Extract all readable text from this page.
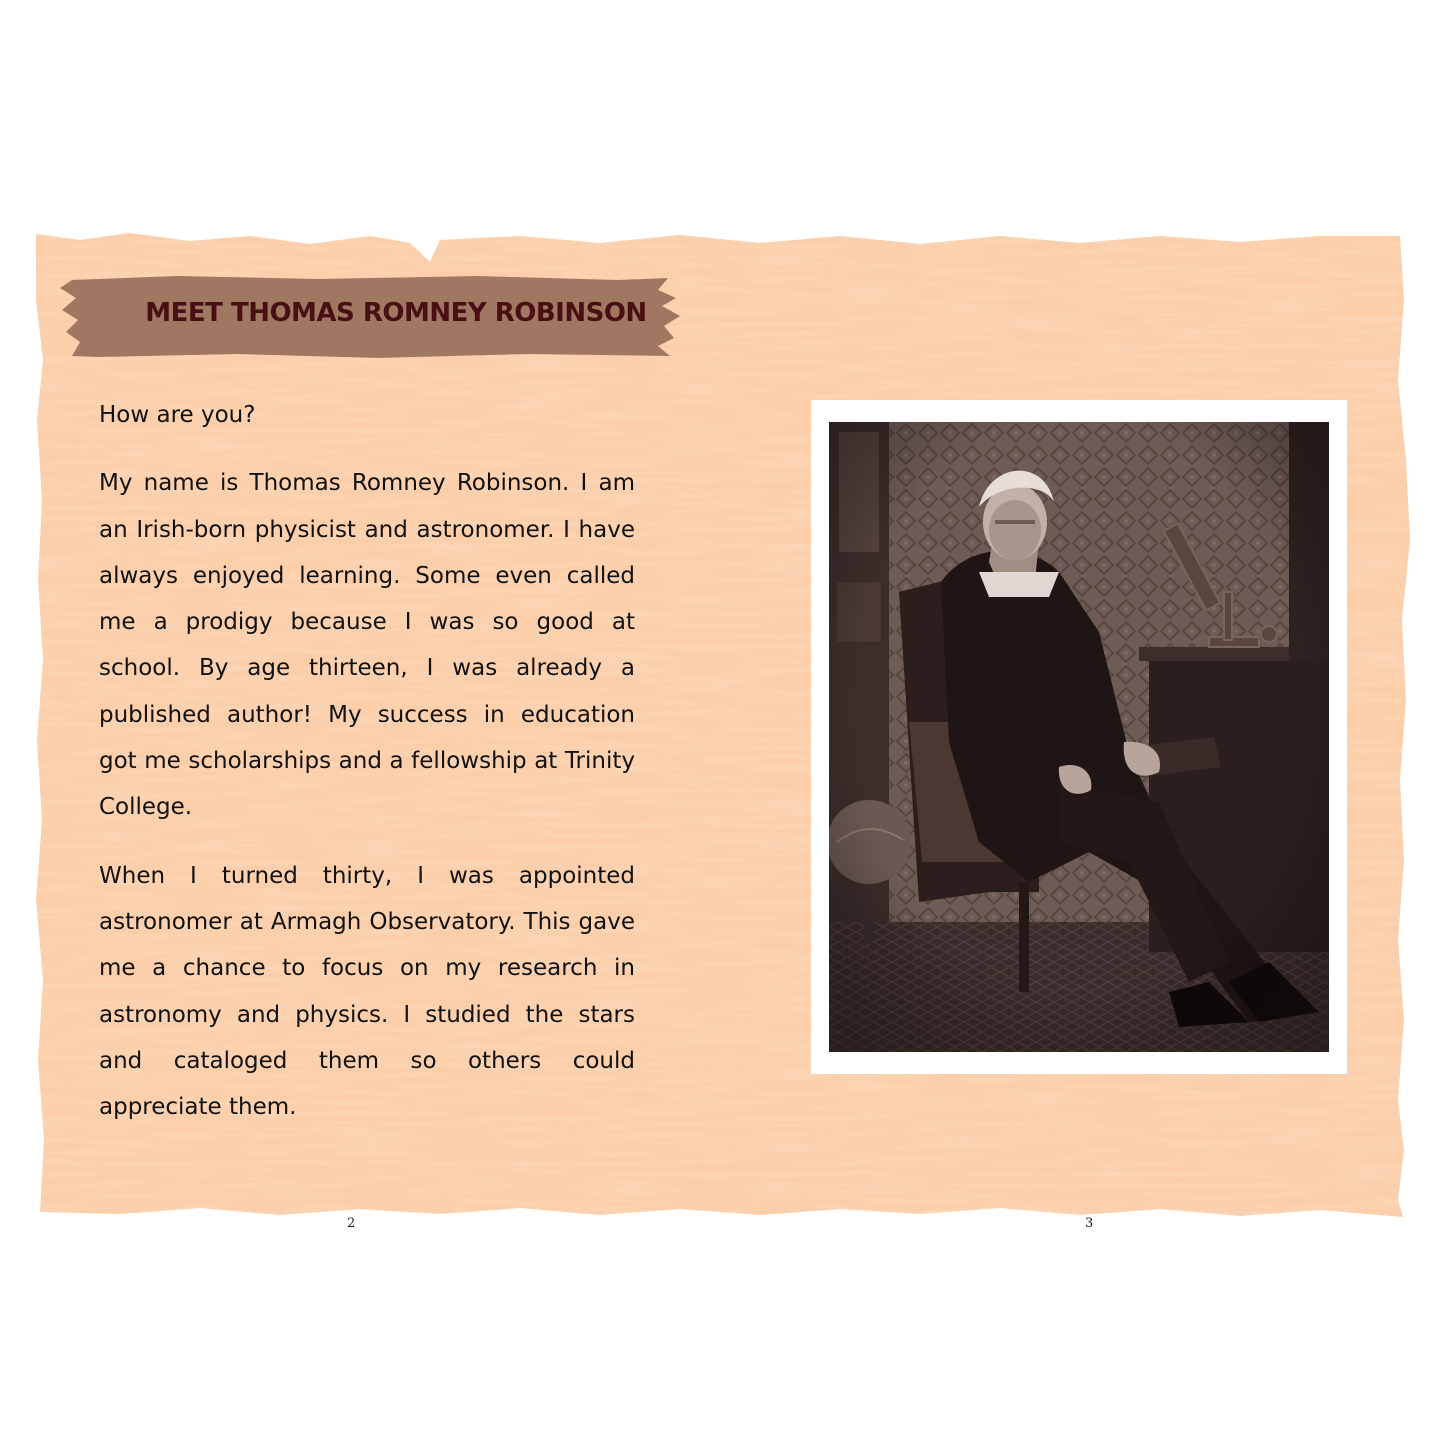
MEET THOMAS ROMNEY ROBINSON

How are you?

My name is Thomas Romney Robinson. I am an Irish-born physicist and astronomer. I have always enjoyed learning. Some even called me a prodigy because I was so good at school. By age thirteen, I was already a published author! My success in education got me scholarships and a fellowship at Trinity College.

When I turned thirty, I was appointed astronomer at Armagh Observatory. This gave me a chance to focus on my research in astronomy and physics. I studied the stars and cataloged them so others could appreciate them.

2	3
